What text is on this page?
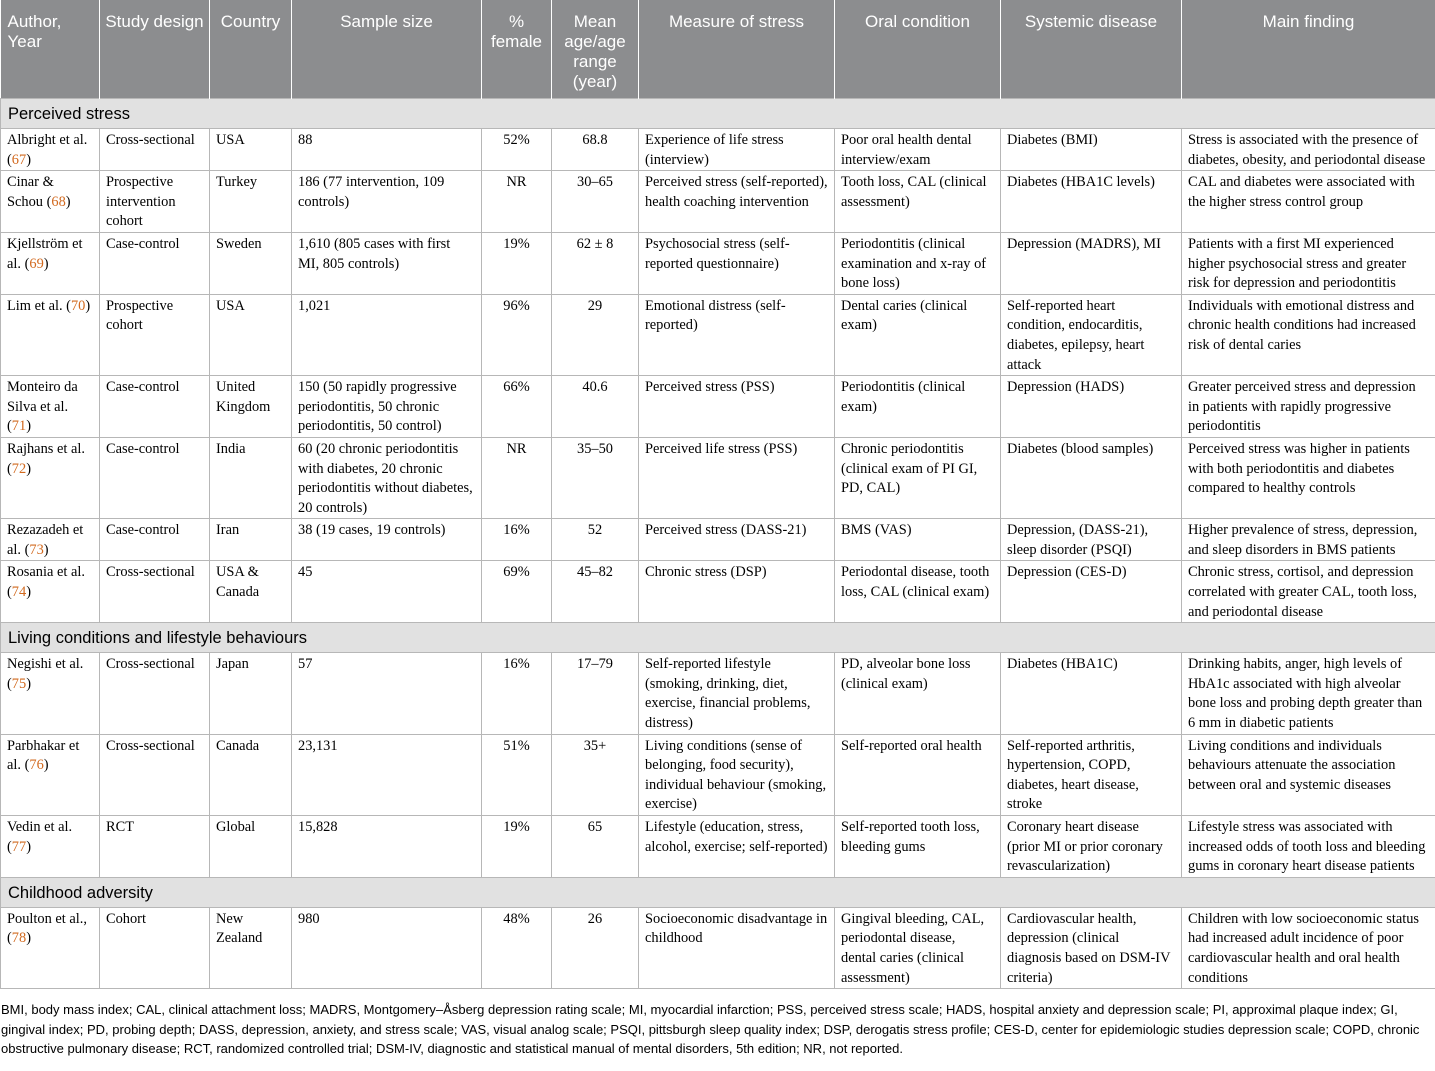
Author, Year	Study design	Country	Sample size	% female	Mean age/age range (year)	Measure of stress	Oral condition	Systemic disease	Main finding
Perceived stress									
Albright et al. (67)	Cross-sectional	USA	88	52%	68.8	Experience of life stress (interview)	Poor oral health dental interview/exam	Diabetes (BMI)	Stress is associated with the presence of diabetes, obesity, and periodontal disease
Cinar & Schou (68)	Prospective intervention cohort	Turkey	186 (77 intervention, 109 controls)	NR	30–65	Perceived stress (self-reported), health coaching intervention	Tooth loss, CAL (clinical assessment)	Diabetes (HBA1C levels)	CAL and diabetes were associated with the higher stress control group
Kjellström et al. (69)	Case-control	Sweden	1,610 (805 cases with first MI, 805 controls)	19%	62 ± 8	Psychosocial stress (self-reported questionnaire)	Periodontitis (clinical examination and x-ray of bone loss)	Depression (MADRS), MI	Patients with a first MI experienced higher psychosocial stress and greater risk for depression and periodontitis
Lim et al. (70)	Prospective cohort	USA	1,021	96%	29	Emotional distress (self-reported)	Dental caries (clinical exam)	Self-reported heart condition, endocarditis, diabetes, epilepsy, heart attack	Individuals with emotional distress and chronic health conditions had increased risk of dental caries
Monteiro da Silva et al. (71)	Case-control	United Kingdom	150 (50 rapidly progressive periodontitis, 50 chronic periodontitis, 50 control)	66%	40.6	Perceived stress (PSS)	Periodontitis (clinical exam)	Depression (HADS)	Greater perceived stress and depression in patients with rapidly progressive periodontitis
Rajhans et al. (72)	Case-control	India	60 (20 chronic periodontitis with diabetes, 20 chronic periodontitis without diabetes, 20 controls)	NR	35–50	Perceived life stress (PSS)	Chronic periodontitis (clinical exam of PI GI, PD, CAL)	Diabetes (blood samples)	Perceived stress was higher in patients with both periodontitis and diabetes compared to healthy controls
Rezazadeh et al. (73)	Case-control	Iran	38 (19 cases, 19 controls)	16%	52	Perceived stress (DASS-21)	BMS (VAS)	Depression, (DASS-21), sleep disorder (PSQI)	Higher prevalence of stress, depression, and sleep disorders in BMS patients
Rosania et al. (74)	Cross-sectional	USA & Canada	45	69%	45–82	Chronic stress (DSP)	Periodontal disease, tooth loss, CAL (clinical exam)	Depression (CES-D)	Chronic stress, cortisol, and depression correlated with greater CAL, tooth loss, and periodontal disease
Living conditions and lifestyle behaviours									
Negishi et al. (75)	Cross-sectional	Japan	57	16%	17–79	Self-reported lifestyle (smoking, drinking, diet, exercise, financial problems, distress)	PD, alveolar bone loss (clinical exam)	Diabetes (HBA1C)	Drinking habits, anger, high levels of HbA1c associated with high alveolar bone loss and probing depth greater than 6 mm in diabetic patients
Parbhakar et al. (76)	Cross-sectional	Canada	23,131	51%	35+	Living conditions (sense of belonging, food security), individual behaviour (smoking, exercise)	Self-reported oral health	Self-reported arthritis, hypertension, COPD, diabetes, heart disease, stroke	Living conditions and individuals behaviours attenuate the association between oral and systemic diseases
Vedin et al. (77)	RCT	Global	15,828	19%	65	Lifestyle (education, stress, alcohol, exercise; self-reported)	Self-reported tooth loss, bleeding gums	Coronary heart disease (prior MI or prior coronary revascularization)	Lifestyle stress was associated with increased odds of tooth loss and bleeding gums in coronary heart disease patients
Childhood adversity									
Poulton et al., (78)	Cohort	New Zealand	980	48%	26	Socioeconomic disadvantage in childhood	Gingival bleeding, CAL, periodontal disease, dental caries (clinical assessment)	Cardiovascular health, depression (clinical diagnosis based on DSM-IV criteria)	Children with low socioeconomic status had increased adult incidence of poor cardiovascular health and oral health conditions
BMI, body mass index; CAL, clinical attachment loss; MADRS, Montgomery–Åsberg depression rating scale; MI, myocardial infarction; PSS, perceived stress scale; HADS, hospital anxiety and depression scale; PI, approximal plaque index; GI, gingival index; PD, probing depth; DASS, depression, anxiety, and stress scale; VAS, visual analog scale; PSQI, pittsburgh sleep quality index; DSP, derogatis stress profile; CES-D, center for epidemiologic studies depression scale; COPD, chronic obstructive pulmonary disease; RCT, randomized controlled trial; DSM-IV, diagnostic and statistical manual of mental disorders, 5th edition; NR, not reported.
